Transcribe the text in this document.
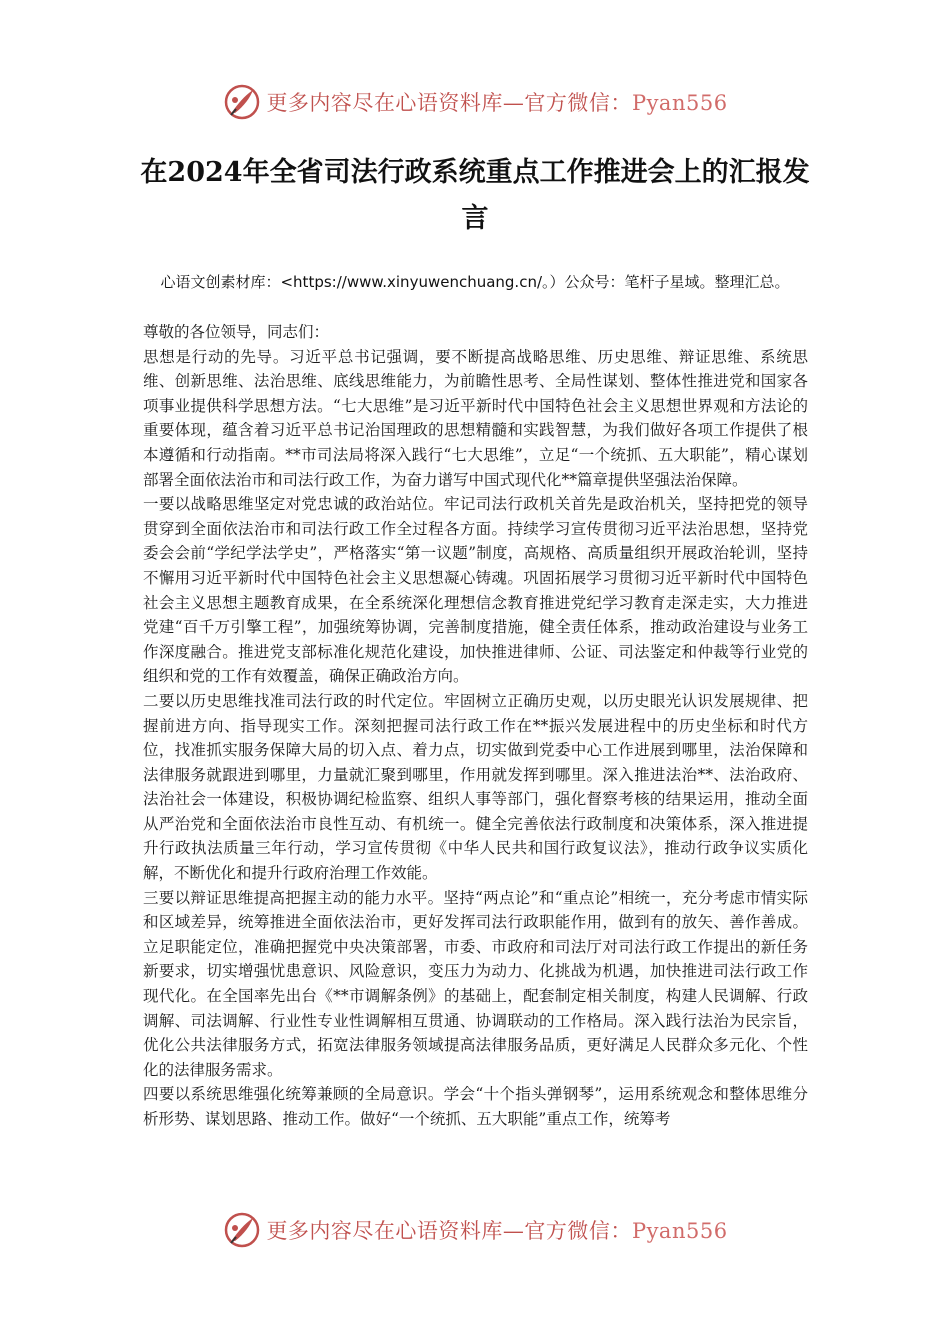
更多内容尽在心语资料库—官方微信：Pyan556
在2024年全省司法行政系统重点工作推进会上的汇报发言
心语文创素材库：<https://www.xinyuwenchuang.cn/。）公众号：笔杆子星域。整理汇总。

尊敬的各位领导，同志们：

思想是行动的先导。习近平总书记强调，要不断提高战略思维、历史思维、辩证思维、系统思维、创新思维、法治思维、底线思维能力，为前瞻性思考、全局性谋划、整体性推进党和国家各项事业提供科学思想方法。“七大思维”是习近平新时代中国特色社会主义思想世界观和方法论的重要体现，蕴含着习近平总书记治国理政的思想精髓和实践智慧，为我们做好各项工作提供了根本遵循和行动指南。**市司法局将深入践行“七大思维”，立足“一个统抓、五大职能”，精心谋划部署全面依法治市和司法行政工作，为奋力谱写中国式现代化**篇章提供坚强法治保障。

一要以战略思维坚定对党忠诚的政治站位。牢记司法行政机关首先是政治机关，坚持把党的领导贯穿到全面依法治市和司法行政工作全过程各方面。持续学习宣传贯彻习近平法治思想，坚持党委会会前“学纪学法学史”，严格落实“第一议题”制度，高规格、高质量组织开展政治轮训，坚持不懈用习近平新时代中国特色社会主义思想凝心铸魂。巩固拓展学习贯彻习近平新时代中国特色社会主义思想主题教育成果，在全系统深化理想信念教育推进党纪学习教育走深走实，大力推进党建“百千万引擎工程”，加强统筹协调，完善制度措施，健全责任体系，推动政治建设与业务工作深度融合。推进党支部标准化规范化建设，加快推进律师、公证、司法鉴定和仲裁等行业党的组织和党的工作有效覆盖，确保正确政治方向。

二要以历史思维找准司法行政的时代定位。牢固树立正确历史观，以历史眼光认识发展规律、把握前进方向、指导现实工作。深刻把握司法行政工作在**振兴发展进程中的历史坐标和时代方位，找准抓实服务保障大局的切入点、着力点，切实做到党委中心工作进展到哪里，法治保障和法律服务就跟进到哪里，力量就汇聚到哪里，作用就发挥到哪里。深入推进法治**、法治政府、法治社会一体建设，积极协调纪检监察、组织人事等部门，强化督察考核的结果运用，推动全面从严治党和全面依法治市良性互动、有机统一。健全完善依法行政制度和决策体系，深入推进提升行政执法质量三年行动，学习宣传贯彻《中华人民共和国行政复议法》，推动行政争议实质化解，不断优化和提升行政府治理工作效能。

三要以辩证思维提高把握主动的能力水平。坚持“两点论”和“重点论”相统一，充分考虑市情实际和区域差异，统筹推进全面依法治市，更好发挥司法行政职能作用，做到有的放矢、善作善成。立足职能定位，准确把握党中央决策部署，市委、市政府和司法厅对司法行政工作提出的新任务新要求，切实增强忧患意识、风险意识，变压力为动力、化挑战为机遇，加快推进司法行政工作现代化。在全国率先出台《**市调解条例》的基础上，配套制定相关制度，构建人民调解、行政调解、司法调解、行业性专业性调解相互贯通、协调联动的工作格局。深入践行法治为民宗旨，优化公共法律服务方式，拓宽法律服务领域提高法律服务品质，更好满足人民群众多元化、个性化的法律服务需求。

四要以系统思维强化统筹兼顾的全局意识。学会“十个指头弹钢琴”，运用系统观念和整体思维分析形势、谋划思路、推动工作。做好“一个统抓、五大职能”重点工作，统筹考

更多内容尽在心语资料库—官方微信：Pyan556
